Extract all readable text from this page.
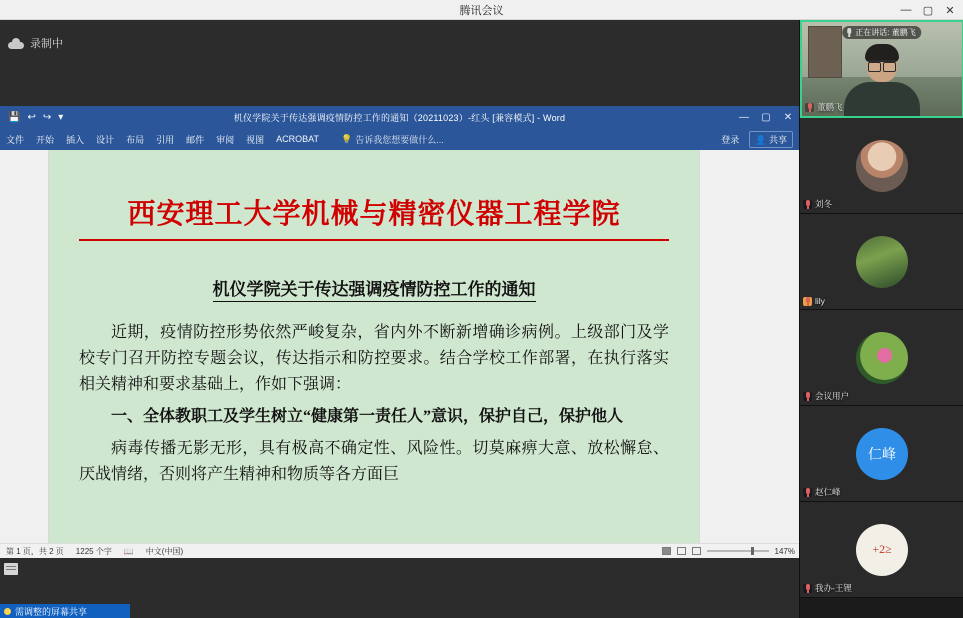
腾讯会议	—	▢	✕
录制中
💾 ↩ ↪ ▾	机仪学院关于传达强调疫情防控工作的通知（20211023）-红头 [兼容模式] - Word	—	▢	✕
文件 开始 插入 设计 布局 引用 邮件 审阅 视图 ACROBAT 💡 告诉我您想要做什么...	登录	👤 共享
西安理工大学机械与精密仪器工程学院
机仪学院关于传达强调疫情防控工作的通知

近期，疫情防控形势依然严峻复杂，省内外不断新增确诊病例。上级部门及学校专门召开防控专题会议，传达指示和防控要求。结合学校工作部署，在执行落实相关精神和要求基础上，作如下强调：

一、全体教职工及学生树立“健康第一责任人”意识，保护自己，保护他人

病毒传播无影无形，具有极高不确定性、风险性。切莫麻痹大意、放松懈怠、厌战情绪，否则将产生精神和物质等各方面巨

第 1 页，共 2 页 1225 个字 📖 中文(中国)	147%
需调整的屏幕共享
正在讲话: 董鹏飞
董鹏飞
刘冬
lily
会议用户
仁峰
赵仁峰
+2≥
我办-王锂
